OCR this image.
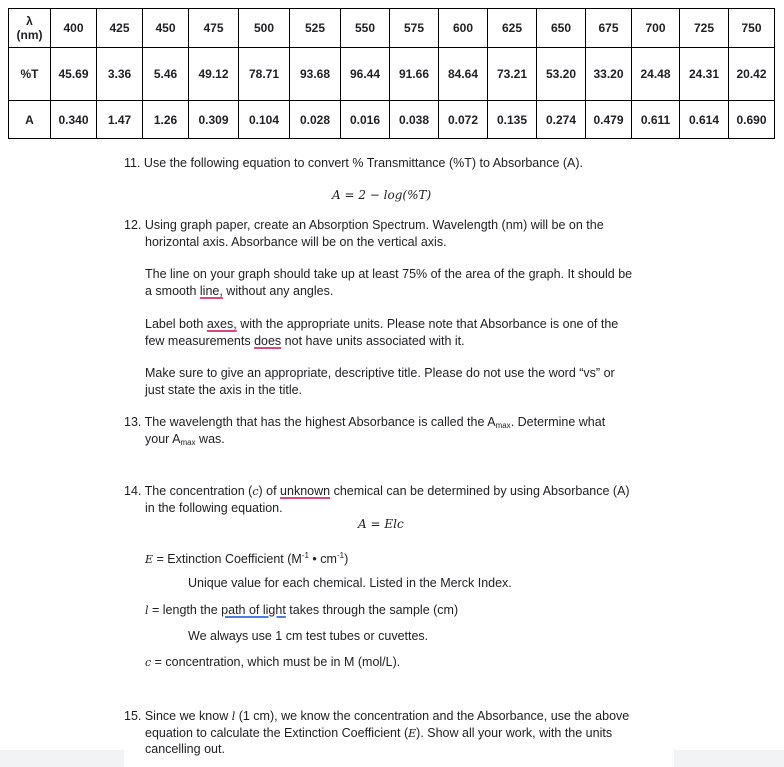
λ
(nm)	400	425	450	475	500	525	550	575	600	625	650	675	700	725	750
%T	45.69	3.36	5.46	49.12	78.71	93.68	96.44	91.66	84.64	73.21	53.20	33.20	24.48	24.31	20.42
A	0.340	1.47	1.26	0.309	0.104	0.028	0.016	0.038	0.072	0.135	0.274	0.479	0.611	0.614	0.690
11. Use the following equation to convert % Transmittance (%T) to Absorbance (A).
A = 2 − log(%T)
12. Using graph paper, create an Absorption Spectrum. Wavelength (nm) will be on the
horizontal axis. Absorbance will be on the vertical axis.
The line on your graph should take up at least 75% of the area of the graph. It should be
a smooth line, without any angles.
Label both axes, with the appropriate units. Please note that Absorbance is one of the
few measurements does not have units associated with it.
Make sure to give an appropriate, descriptive title. Please do not use the word “vs” or
just state the axis in the title.
13. The wavelength that has the highest Absorbance is called the $A_{max}$. Determine what
your $A_{max}$ was.
14. The concentration (c) of unknown chemical can be determined by using Absorbance (A)
in the following equation.
A = Elc
E = Extinction Coefficient ($M^{-1}$ • $cm^{-1}$)
Unique value for each chemical. Listed in the Merck Index.
l = length the path of light takes through the sample (cm)
We always use 1 cm test tubes or cuvettes.
c = concentration, which must be in M (mol/L).
15. Since we know l (1 cm), we know the concentration and the Absorbance, use the above
equation to calculate the Extinction Coefficient (E). Show all your work, with the units
cancelling out.
